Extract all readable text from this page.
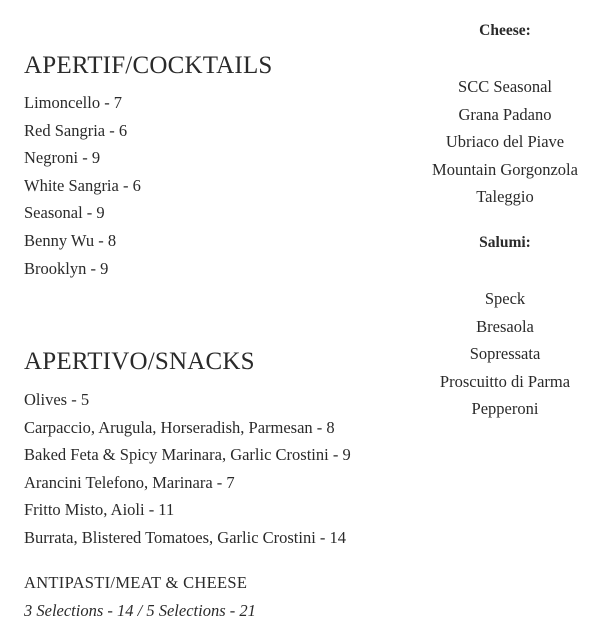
APERTIF/COCKTAILS
Limoncello - 7
Red Sangria - 6
Negroni - 9
White Sangria - 6
Seasonal - 9
Benny Wu - 8
Brooklyn - 9
APERTIVO/SNACKS
Olives - 5
Carpaccio, Arugula, Horseradish, Parmesan - 8
Baked Feta & Spicy Marinara, Garlic Crostini - 9
Arancini Telefono, Marinara - 7
Fritto Misto, Aioli - 11
Burrata, Blistered Tomatoes, Garlic Crostini - 14
ANTIPASTI/MEAT & CHEESE
3 Selections - 14 / 5 Selections - 21
Cheese:
SCC Seasonal
Grana Padano
Ubriaco del Piave
Mountain Gorgonzola
Taleggio
Salumi:
Speck
Bresaola
Sopressata
Proscuitto di Parma
Pepperoni
